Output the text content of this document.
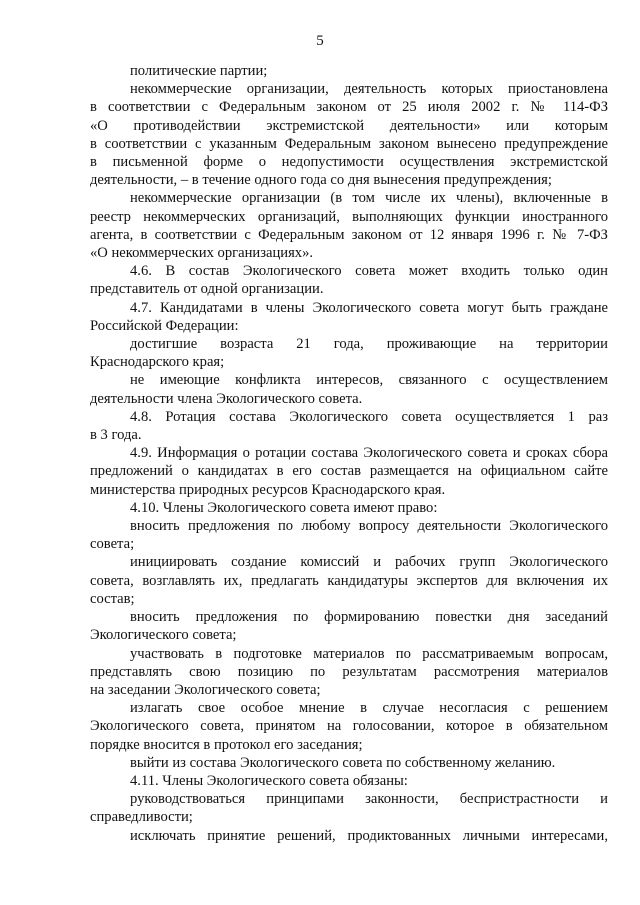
5

политические партии;

некоммерческие организации, деятельность которых приостановлена

в соответствии с Федеральным законом от 25 июля 2002 г. № 114-ФЗ

«О противодействии экстремистской деятельности» или которым

в соответствии с указанным Федеральным законом вынесено предупреждение

в письменной форме о недопустимости осуществления экстремистской

деятельности, – в течение одного года со дня вынесения предупреждения;

некоммерческие организации (в том числе их члены), включенные в

реестр некоммерческих организаций, выполняющих функции иностранного

агента, в соответствии с Федеральным законом от 12 января 1996 г. № 7-ФЗ

«О некоммерческих организациях».

4.6. В состав Экологического совета может входить только один

представитель от одной организации.

4.7. Кандидатами в члены Экологического совета могут быть граждане

Российской Федерации:

достигшие возраста 21 года, проживающие на территории

Краснодарского края;

не имеющие конфликта интересов, связанного с осуществлением

деятельности члена Экологического совета.

4.8. Ротация состава Экологического совета осуществляется 1 раз

в 3 года.

4.9. Информация о ротации состава Экологического совета и сроках сбора

предложений о кандидатах в его состав размещается на официальном сайте

министерства природных ресурсов Краснодарского края.

4.10. Члены Экологического совета имеют право:

вносить предложения по любому вопросу деятельности Экологического

совета;

инициировать создание комиссий и рабочих групп Экологического

совета, возглавлять их, предлагать кандидатуры экспертов для включения их

состав;

вносить предложения по формированию повестки дня заседаний

Экологического совета;

участвовать в подготовке материалов по рассматриваемым вопросам,

представлять свою позицию по результатам рассмотрения материалов

на заседании Экологического совета;

излагать свое особое мнение в случае несогласия с решением

Экологического совета, принятом на голосовании, которое в обязательном

порядке вносится в протокол его заседания;

выйти из состава Экологического совета по собственному желанию.

4.11. Члены Экологического совета обязаны:

руководствоваться принципами законности, беспристрастности и

справедливости;

исключать принятие решений, продиктованных личными интересами,
